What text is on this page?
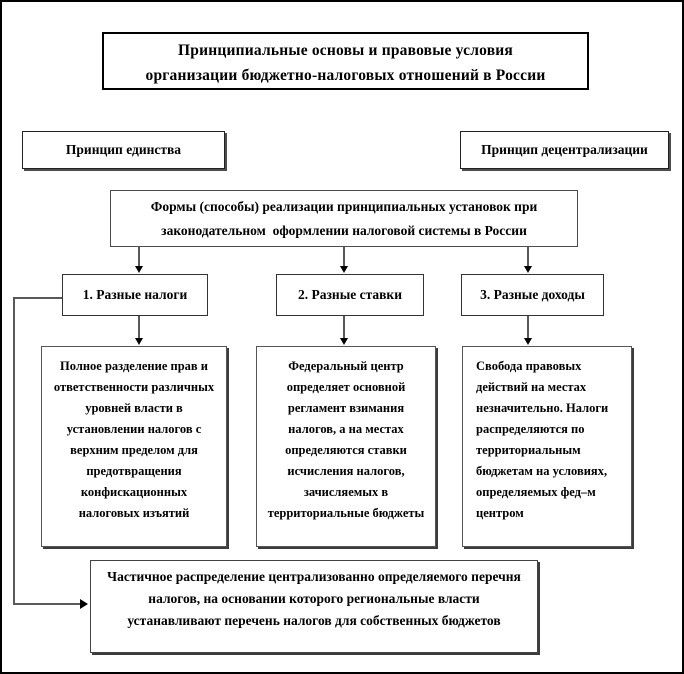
Принципиальные основы и правовые условия
организации бюджетно-налоговых отношений в России
Принцип единства	Принцип децентрализации
Формы (способы) реализации принципиальных установок при
законодательном  оформлении налоговой системы в России
1. Разные налоги	2. Разные ставки	3. Разные доходы
Полное разделение прав и ответственности различных уровней власти в установлении налогов с верхним пределом для предотвращения конфискационных налоговых изъятий
Федеральный центр определяет основной регламент взимания налогов, а на местах определяются ставки исчисления налогов, зачисляемых в территориальные бюджеты
Свобода правовых действий на местах незначительно. Налоги распределяются по территориальным бюджетам на условиях, определяемых фед–м центром
Частичное распределение централизованно определяемого перечня налогов, на основании которого региональные власти устанавливают перечень налогов для собственных бюджетов
